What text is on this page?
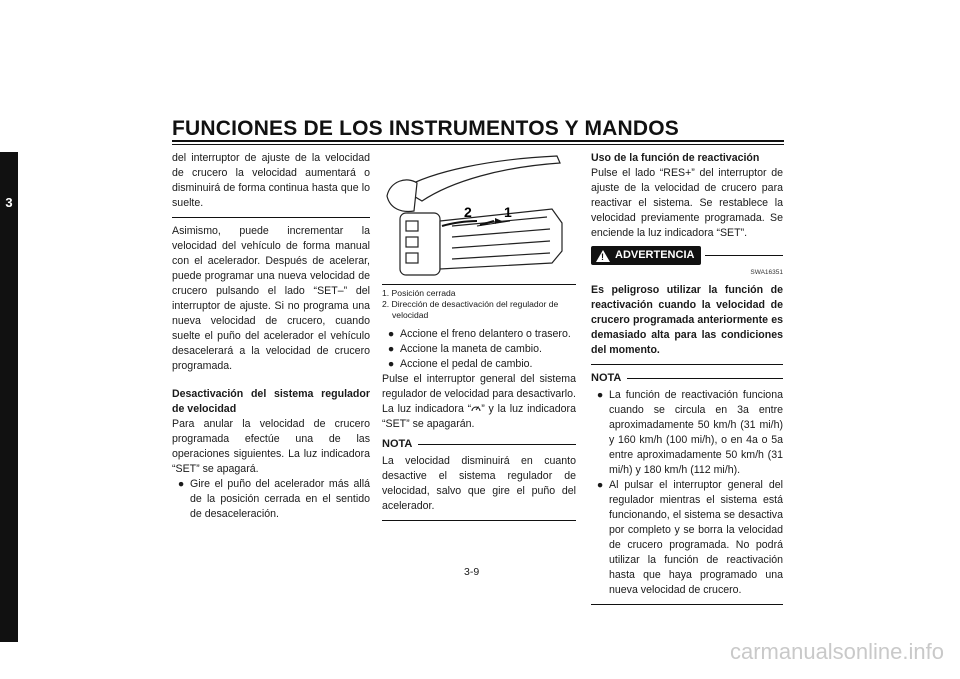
FUNCIONES DE LOS INSTRUMENTOS Y MANDOS
3

del interruptor de ajuste de la velocidad de crucero la velocidad aumentará o disminuirá de forma continua hasta que lo suelte.

Asimismo, puede incrementar la velocidad del vehículo de forma manual con el acelerador. Después de acelerar, puede programar una nueva velocidad de crucero pulsando el lado “SET–” del interruptor de ajuste. Si no programa una nueva velocidad de crucero, cuando suelte el puño del acelerador el vehículo desacelerará a la velocidad de crucero programada.

Desactivación del sistema regulador de velocidad

Para anular la velocidad de crucero programada efectúe una de las operaciones siguientes. La luz indicadora “SET” se apagará.

● Gire el puño del acelerador más allá de la posición cerrada en el sentido de desaceleración.
2 1
1. Posición cerrada
2. Dirección de desactivación del regulador de velocidad
● Accione el freno delantero o trasero.
● Accione la maneta de cambio.
● Accione el pedal de cambio.

Pulse el interruptor general del sistema regulador de velocidad para desactivarlo. La luz indicadora “ ” y la luz indicadora “SET” se apagarán.

NOTA

La velocidad disminuirá en cuanto desactive el sistema regulador de velocidad, salvo que gire el puño del acelerador.

Uso de la función de reactivación

Pulse el lado “RES+” del interruptor de ajuste de la velocidad de crucero para reactivar el sistema. Se restablece la velocidad previamente programada. Se enciende la luz indicadora “SET”.

! ADVERTENCIA
SWA16351

Es peligroso utilizar la función de reactivación cuando la velocidad de crucero programada anteriormente es demasiado alta para las condiciones del momento.

NOTA
● La función de reactivación funciona cuando se circula en 3a entre aproximadamente 50 km/h (31 mi/h) y 160 km/h (100 mi/h), o en 4a o 5a entre aproximadamente 50 km/h (31 mi/h) y 180 km/h (112 mi/h).
● Al pulsar el interruptor general del regulador mientras el sistema está funcionando, el sistema se desactiva por completo y se borra la velocidad de crucero programada. No podrá utilizar la función de reactivación hasta que haya programado una nueva velocidad de crucero.
3-9
carmanualsonline.info
